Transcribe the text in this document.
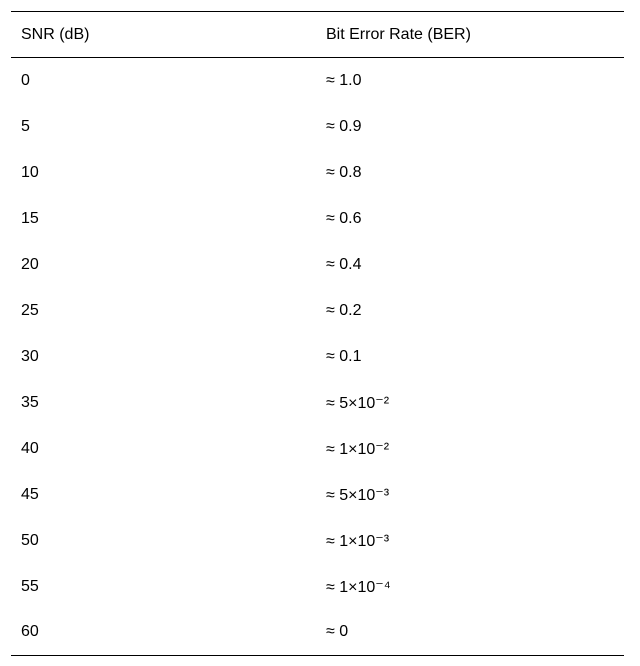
SNR (dB)	Bit Error Rate (BER)
0	≈ 1.0
5	≈ 0.9
10	≈ 0.8
15	≈ 0.6
20	≈ 0.4
25	≈ 0.2
30	≈ 0.1
35	≈ 5×10⁻²
40	≈ 1×10⁻²
45	≈ 5×10⁻³
50	≈ 1×10⁻³
55	≈ 1×10⁻⁴
60	≈ 0
